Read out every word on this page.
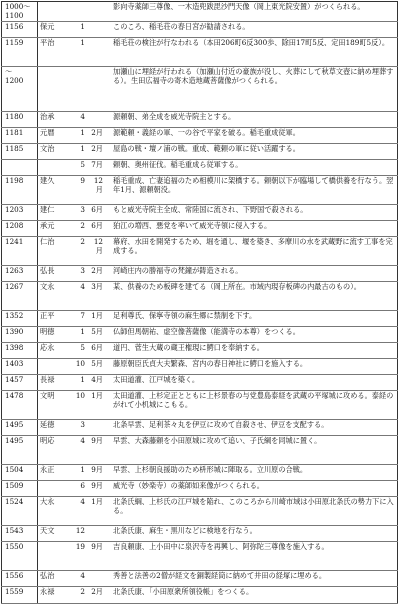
1000～1100				影向寺薬師三尊像、一木造兜跋毘沙門天像（岡上東光院安置）がつくられる。
1156	保元	1		このころ、稲毛荘の春日宮が勧請される。
1159	平治	1		稲毛荘の検注が行なわれる（本田206町6反300歩、除田17町5反、定田189町5反）。
～
1200				加瀬山に埋経が行われる（加瀬山付近の豪族が没し、火葬にして秋草文壺に納め埋葬する）。生田広福寺の寄木造地蔵菩薩像がつくられる。
1180	治承	4		源頼朝、弟全成を威光寺院主とする。
1181	元暦	1	2月	源範頼・義経の軍、一の谷で平家を破る。稲毛重成従軍。
1185	文治	1	2月	屋島の戦・壇ノ浦の戦。重成、範頼の軍に従い活躍する。
		5	7月	頼朝、奥州征伐。稲毛重成ら従軍する。
1198	建久	9	12月	稲毛重成、亡妻追福のため相模川に架橋する。頼朝以下が臨場して橋供養を行なう。翌年1月、源頼朝没。
1203	建仁	3	6月	もと威光寺院主全成、常陸国に流され、下野国で殺される。
1208	承元	2	6月	狛江の増西、悪党を率いて威光寺領に侵入する。
1241	仁治	2	12月	幕府、水田を開発するため、堀を通し、堰を築き、多摩川の水を武蔵野に流す工事を完成する。
1263	弘長	3	2月	河崎庄内の勝福寺の梵鐘が鋳造される。
1267	文永	4	3月	某、供養のため板碑を建てる（岡上所在。市域内現存板碑の内最古のもの）。
1352	正平	7	1月	足利尊氏、保寧寺領の麻生郷に禁制を下す。
1390	明徳	1	5月	仏師但馬朝祐、虚空像菩薩像（能満寺の本尊）をつくる。
1398	応永	5	6月	道円、菅生大蔵の蔵王権現に鰐口を奉納する。
1403		10	5月	藤原朝臣氏貞大夫繁森、宮内の春日神社に鰐口を施入する。
1457	長禄	1	4月	太田道灌、江戸城を築く。
1478	文明	10	1月	太田道灌、上杉定正とともに上杉景春の与党豊島泰経を武蔵の平塚城に攻める。泰経のがれて小机城にこもる。
1495	延徳	3		北条早雲、足利茶々丸を伊豆に攻めて自殺させ、伊豆を支配する。
1495	明応	4	9月	早雲、大森藤頼を小田原城に攻めて追い、子氏綱を同城に置く。
1504	永正	1	9月	早雲、上杉朝良援助のため枡形城に陣取る。立川原の合戦。
1509		6	9月	威光寺（妙楽寺）の薬師如来像がつくられる。
1524	大永	4	1月	北条氏綱、上杉氏の江戸城を陥れ、このころから川崎市域は小田原北条氏の勢力下に入る。
1543	天文	12		北条氏康、麻生・黒川などに検地を行なう。
1550		19	9月	吉良頼康、上小田中に泉沢寺を再興し、阿弥陀三尊像を施入する。
1556	弘治	4		秀善と法善の2僧が経文を銅製経筒に納めて井田の経塚に埋める。
1559	永禄	2	2月	北条氏康、「小田原衆所領役帳」をつくる。
